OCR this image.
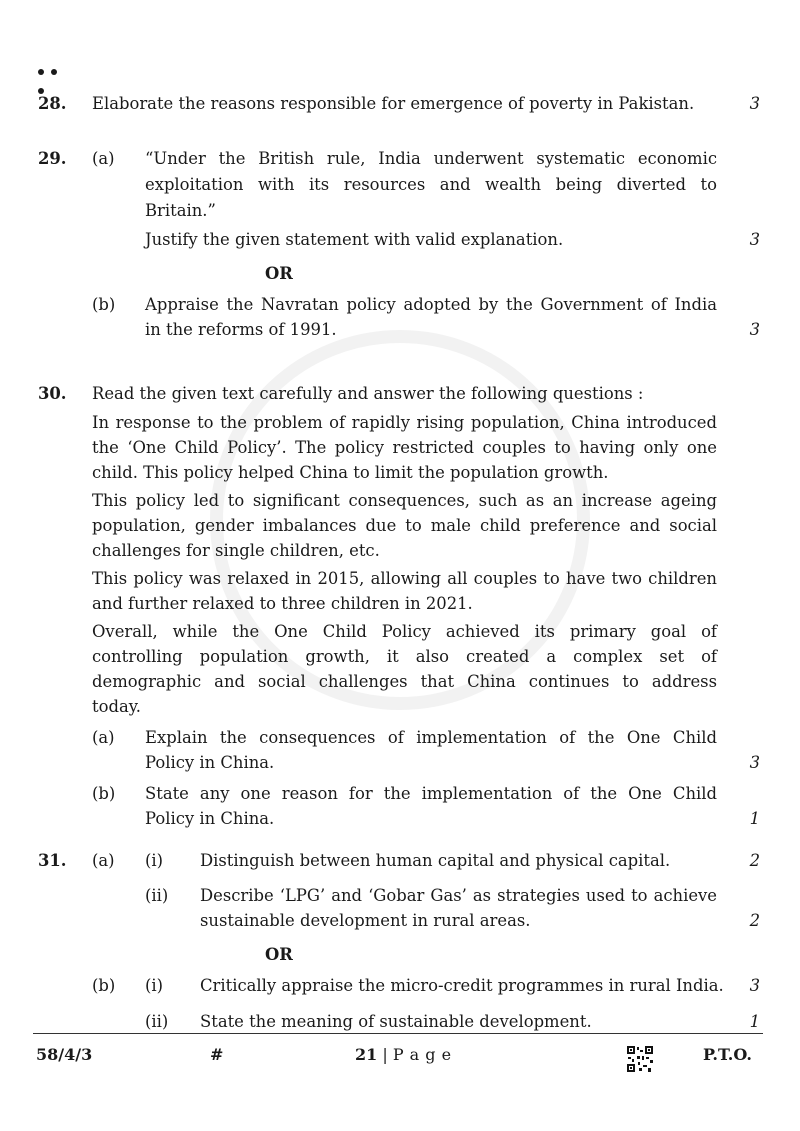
28. Elaborate the reasons responsible for emergence of poverty in Pakistan.	3
29. (a) “Under the British rule, India underwent systematic economic
exploitation with its resources and wealth being diverted to
Britain.”
Justify the given statement with valid explanation.	3
OR
(b) Appraise the Navratan policy adopted by the Government of India
in the reforms of 1991.	3
30. Read the given text carefully and answer the following questions :
In response to the problem of rapidly rising population, China introduced
the ‘One Child Policy’. The policy restricted couples to having only one
child. This policy helped China to limit the population growth.
This policy led to significant consequences, such as an increase ageing
population, gender imbalances due to male child preference and social
challenges for single children, etc.
This policy was relaxed in 2015, allowing all couples to have two children
and further relaxed to three children in 2021.
Overall, while the One Child Policy achieved its primary goal of
controlling population growth, it also created a complex set of
demographic and social challenges that China continues to address
today.
(a) Explain the consequences of implementation of the One Child
Policy in China.	3
(b) State any one reason for the implementation of the One Child
Policy in China.	1
31. (a) (i) Distinguish between human capital and physical capital.	2
(ii) Describe ‘LPG’ and ‘Gobar Gas’ as strategies used to achieve
sustainable development in rural areas.	2
OR
(b) (i) Critically appraise the micro-credit programmes in rural India. 3
(ii) State the meaning of sustainable development.	1
58/4/3	#	21 | P a g e	P.T.O.
